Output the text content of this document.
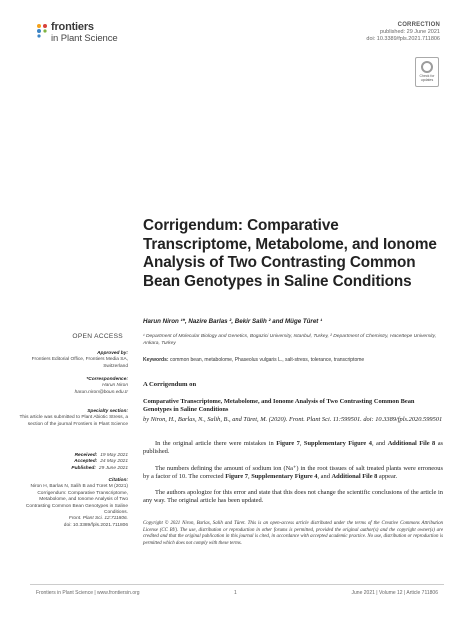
frontiers
in Plant Science
CORRECTION
published: 29 June 2021
doi: 10.3389/fpls.2021.711806
Check for
updates
Corrigendum: Comparative Transcriptome, Metabolome, and Ionome Analysis of Two Contrasting Common Bean Genotypes in Saline Conditions
Harun Niron ¹*, Nazire Barlas ², Bekir Salih ² and Müge Türet ¹
¹ Department of Molecular Biology and Genetics, Bogazici University, Istanbul, Turkey, ² Department of Chemistry, Hacettepe University, Ankara, Turkey
Keywords: common bean, metabolome, Phaseolus vulgaris L., salt-stress, tolerance, transcriptome
OPEN ACCESS
Approved by:
Frontiers Editorial Office, Frontiers Media SA, Switzerland
*Correspondence:
Harun Niron
harun.niron@boun.edu.tr
Specialty section:
This article was submitted to Plant Abiotic Stress, a section of the journal Frontiers in Plant Science
Received: 19 May 2021
Accepted: 24 May 2021
Published: 29 June 2021
Citation:
Niron H, Barlas N, Salih B and Türet M (2021) Corrigendum: Comparative Transcriptome, Metabolome, and Ionome Analysis of Two Contrasting Common Bean Genotypes in Saline Conditions.
Front. Plant Sci. 12:711806.
doi: 10.3389/fpls.2021.711806
A Corrigendum on
Comparative Transcriptome, Metabolome, and Ionome Analysis of Two Contrasting Common Bean Genotypes in Saline Conditions
by Niron, H., Barlas, N., Salih, B., and Türet, M. (2020). Front. Plant Sci. 11:599501. doi: 10.3389/fpls.2020.599501
In the original article there were mistakes in Figure 7, Supplementary Figure 4, and Additional File 8 as published.
The numbers defining the amount of sodium ion (Na⁺) in the root tissues of salt treated plants were erroneous by a factor of 10. The corrected Figure 7, Supplementary Figure 4, and Additional File 8 appear.
The authors apologize for this error and state that this does not change the scientific conclusions of the article in any way. The original article has been updated.
Copyright © 2021 Niron, Barlas, Salih and Türet. This is an open-access article distributed under the terms of the Creative Commons Attribution License (CC BY). The use, distribution or reproduction in other forums is permitted, provided the original author(s) and the copyright owner(s) are credited and that the original publication in this journal is cited, in accordance with accepted academic practice. No use, distribution or reproduction is permitted which does not comply with these terms.
Frontiers in Plant Science | www.frontiersin.org	1	June 2021 | Volume 12 | Article 711806
